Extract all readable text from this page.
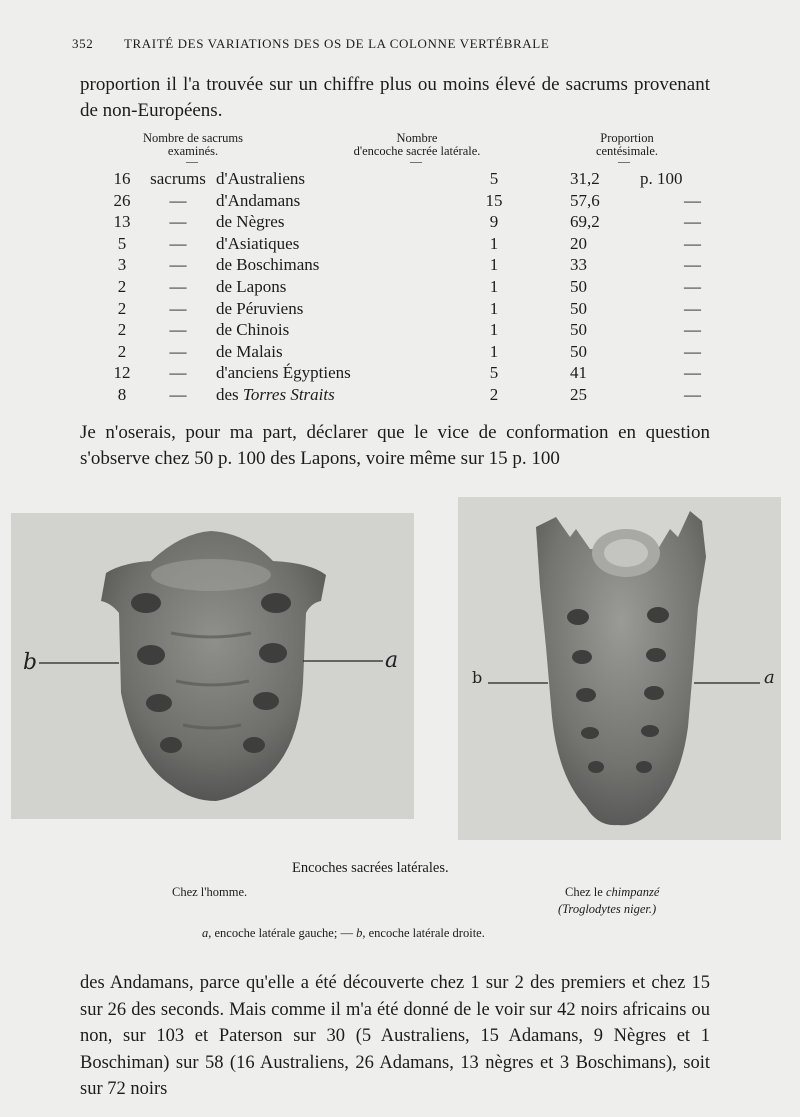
352 TRAITÉ DES VARIATIONS DES OS DE LA COLONNE VERTÉBRALE
proportion il l'a trouvée sur un chiffre plus ou moins élevé de sacrums provenant de non-Européens.
Nombre de sacrums
examinés.
Nombre
d'encoche sacrée latérale.
Proportion
centésimale.
—	—	—
16	sacrums	d'Australiens	5	31,2	p. 100	
26	—	d'Andamans	15	57,6		—
13	—	de Nègres	9	69,2		—
5	—	d'Asiatiques	1	20		—
3	—	de Boschimans	1	33		—
2	—	de Lapons	1	50		—
2	—	de Péruviens	1	50		—
2	—	de Chinois	1	50		—
2	—	de Malais	1	50		—
12	—	d'anciens Égyptiens	5	41		—
8	—	des Torres Straits	2	25		—
Je n'oserais, pour ma part, déclarer que le vice de conformation en question s'observe chez 50 p. 100 des Lapons, voire même sur 15 p. 100
b	a
b	a
Encoches sacrées latérales.
Chez l'homme.	Chez le chimpanzé
(Troglodytes niger.)
a, encoche latérale gauche; — b, encoche latérale droite.
des Andamans, parce qu'elle a été découverte chez 1 sur 2 des premiers et chez 15 sur 26 des seconds. Mais comme il m'a été donné de le voir sur 42 noirs africains ou non, sur 103 et Paterson sur 30 (5 Australiens, 15 Adamans, 9 Nègres et 1 Boschiman) sur 58 (16 Australiens, 26 Adamans, 13 nègres et 3 Boschimans), soit sur 72 noirs
